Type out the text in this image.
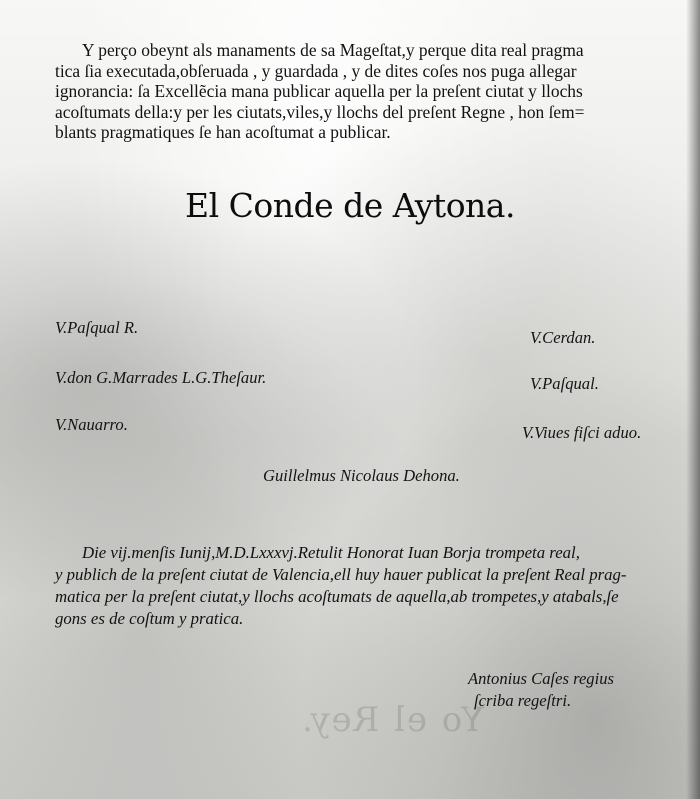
Yo el Rey.
Y perço obeynt als manaments de sa Mageſtat,y perque dita real pragma
tica ſia executada,obſeruada , y guardada , y de dites coſes nos puga allegar
ignorancia: ſa Excellẽcia mana publicar aquella per la preſent ciutat y llochs
acoſtumats della:y per les ciutats,viles,y llochs del preſent Regne , hon ſem=
blants pragmatiques ſe han acoſtumat a publicar.
El Conde de Aytona.
V.Paſqual R.
V.don G.Marrades L.G.Theſaur.
V.Nauarro.
V.Cerdan.
V.Paſqual.
V.Viues fiſci aduo.
Guillelmus Nicolaus Dehona.
Die vij.menſis Iunij,M.D.Lxxxvj.Retulit Honorat Iuan Borja trompeta real,
y publich de la preſent ciutat de Valencia,ell huy hauer publicat la preſent Real prag-
matica per la preſent ciutat,y llochs acoſtumats de aquella,ab trompetes,y atabals,ſe
gons es de coſtum y pratica.
Antonius Caſes regius
ſcriba regeſtri.
